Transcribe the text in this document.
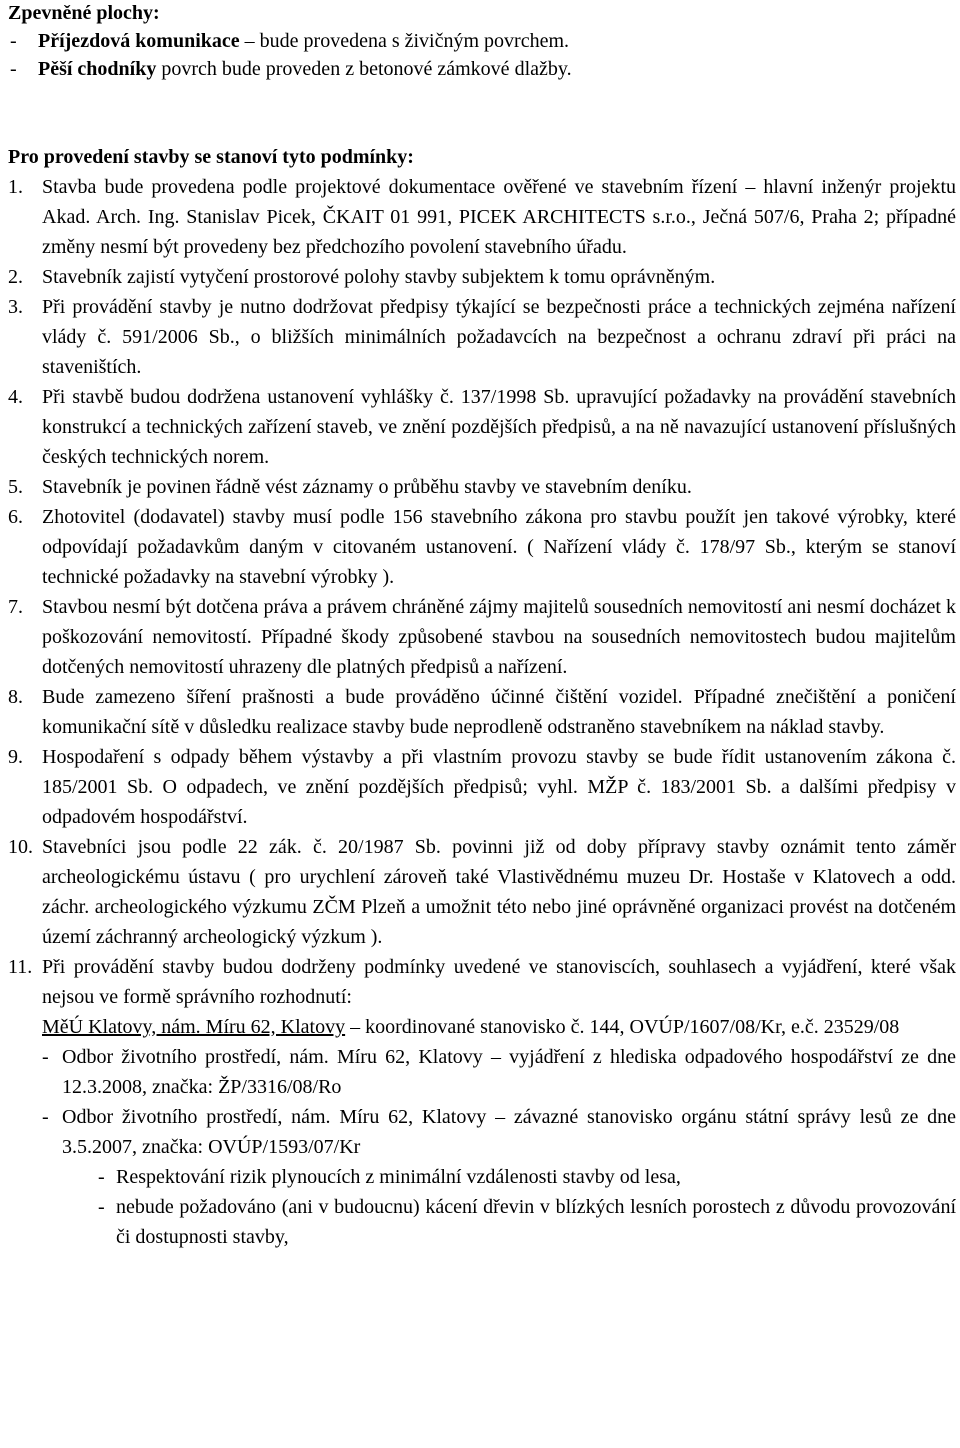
Zpevněné plochy:

-	Příjezdová komunikace – bude provedena s živičným povrchem.
-	Pěší chodníky povrch bude proveden z betonové zámkové dlažby.

Pro provedení stavby se stanoví tyto podmínky:

1. Stavba bude provedena podle projektové dokumentace ověřené ve stavebním řízení – hlavní inženýr projektu Akad. Arch. Ing. Stanislav Picek, ČKAIT 01 991, PICEK ARCHITECTS s.r.o., Ječná 507/6, Praha 2; případné změny nesmí být provedeny bez předchozího povolení stavebního úřadu.
2. Stavebník zajistí vytyčení prostorové polohy stavby subjektem k tomu oprávněným.
3. Při provádění stavby je nutno dodržovat předpisy týkající se bezpečnosti práce a technických zejména nařízení vlády č. 591/2006 Sb., o bližších minimálních požadavcích na bezpečnost a ochranu zdraví při práci na staveništích.
4. Při stavbě budou dodržena ustanovení vyhlášky č. 137/1998 Sb. upravující požadavky na provádění stavebních konstrukcí a technických zařízení staveb, ve znění pozdějších předpisů, a na ně navazující ustanovení příslušných českých technických norem.
5. Stavebník je povinen řádně vést záznamy o průběhu stavby ve stavebním deníku.
6. Zhotovitel (dodavatel) stavby musí podle 156 stavebního zákona pro stavbu použít jen takové výrobky, které odpovídají požadavkům daným v citovaném ustanovení. ( Nařízení vlády č. 178/97 Sb., kterým se stanoví technické požadavky na stavební výrobky ).
7. Stavbou nesmí být dotčena práva a právem chráněné zájmy majitelů sousedních nemovitostí ani nesmí docházet k poškozování nemovitostí. Případné škody způsobené stavbou na sousedních nemovitostech budou majitelům dotčených nemovitostí uhrazeny dle platných předpisů a nařízení.
8. Bude zamezeno šíření prašnosti a bude prováděno účinné čištění vozidel. Případné znečištění a poničení komunikační sítě v důsledku realizace stavby bude neprodleně odstraněno stavebníkem na náklad stavby.
9. Hospodaření s odpady během výstavby a při vlastním provozu stavby se bude řídit ustanovením zákona č. 185/2001 Sb. O odpadech, ve znění pozdějších předpisů; vyhl. MŽP č. 183/2001 Sb. a dalšími předpisy v odpadovém hospodářství.
10. Stavebníci jsou podle 22 zák. č. 20/1987 Sb. povinni již od doby přípravy stavby oznámit tento záměr archeologickému ústavu ( pro urychlení zároveň také Vlastivědnému muzeu Dr. Hostaše v Klatovech a odd. záchr. archeologického výzkumu ZČM Plzeň a umožnit této nebo jiné oprávněné organizaci provést na dotčeném území záchranný archeologický výzkum ).
11. Při provádění stavby budou dodrženy podmínky uvedené ve stanoviscích, souhlasech a vyjádření, které však nejsou ve formě správního rozhodnutí:
MěÚ Klatovy, nám. Míru 62, Klatovy – koordinované stanovisko č. 144, OVÚP/1607/08/Kr, e.č. 23529/08
- Odbor životního prostředí, nám. Míru 62, Klatovy – vyjádření z hlediska odpadového hospodářství ze dne 12.3.2008, značka: ŽP/3316/08/Ro
- Odbor životního prostředí, nám. Míru 62, Klatovy – závazné stanovisko orgánu státní správy lesů ze dne 3.5.2007, značka: OVÚP/1593/07/Kr
- Respektování rizik plynoucích z minimální vzdálenosti stavby od lesa,
- nebude požadováno (ani v budoucnu) kácení dřevin v blízkých lesních porostech z důvodu provozování či dostupnosti stavby,
